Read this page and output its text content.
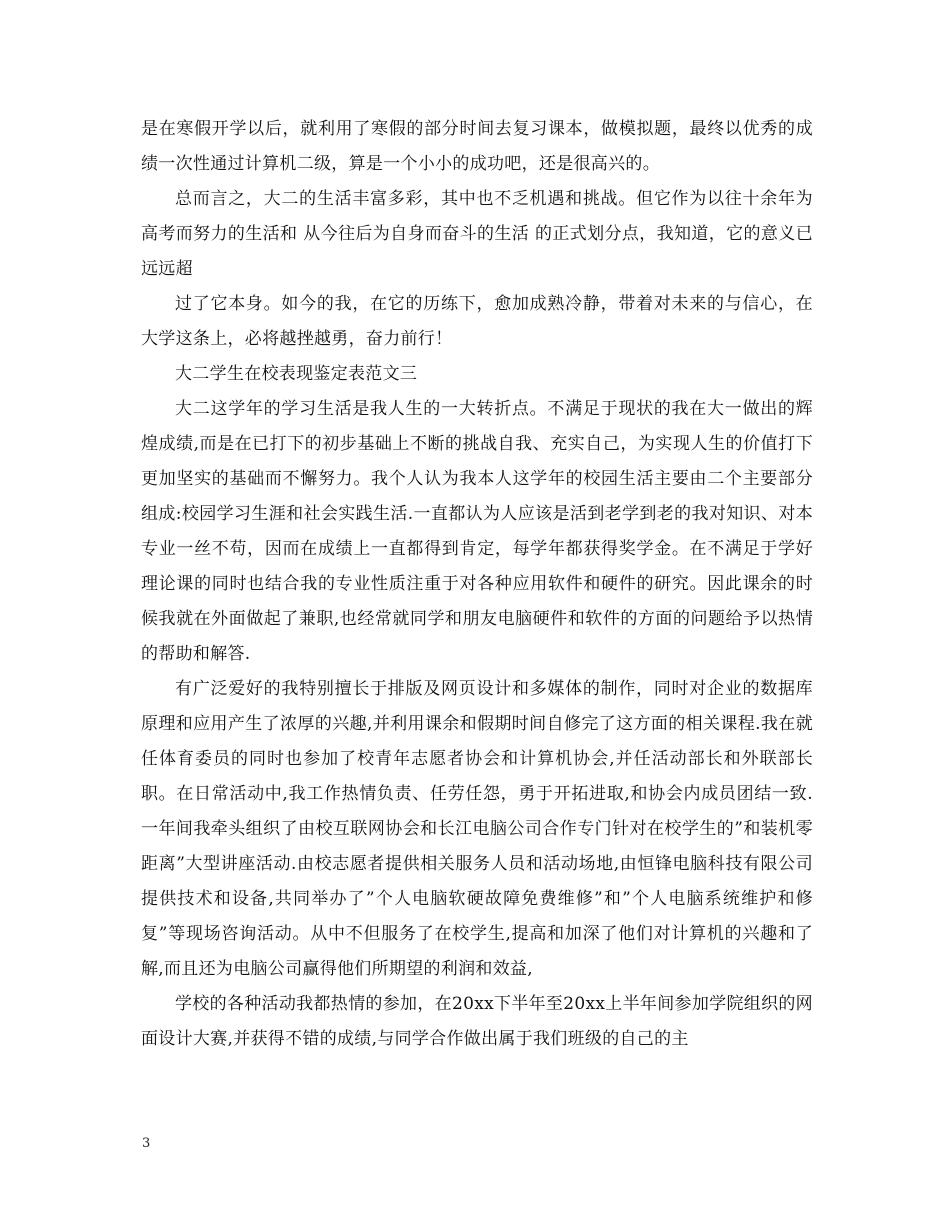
是在寒假开学以后，就利用了寒假的部分时间去复习课本，做模拟题，最终以优秀的成绩一次性通过计算机二级，算是一个小小的成功吧，还是很高兴的。

总而言之，大二的生活丰富多彩，其中也不乏机遇和挑战。但它作为以往十余年为高考而努力的生活和 从今往后为自身而奋斗的生活 的正式划分点，我知道，它的意义已远远超

过了它本身。如今的我，在它的历练下，愈加成熟冷静，带着对未来的与信心，在大学这条上，必将越挫越勇，奋力前行！

大二学生在校表现鉴定表范文三

大二这学年的学习生活是我人生的一大转折点。不满足于现状的我在大一做出的辉煌成绩,而是在已打下的初步基础上不断的挑战自我、充实自己，为实现人生的价值打下更加坚实的基础而不懈努力。我个人认为我本人这学年的校园生活主要由二个主要部分组成:校园学习生涯和社会实践生活.一直都认为人应该是活到老学到老的我对知识、对本专业一丝不苟，因而在成绩上一直都得到肯定，每学年都获得奖学金。在不满足于学好理论课的同时也结合我的专业性质注重于对各种应用软件和硬件的研究。因此课余的时候我就在外面做起了兼职,也经常就同学和朋友电脑硬件和软件的方面的问题给予以热情的帮助和解答.

有广泛爱好的我特别擅长于排版及网页设计和多媒体的制作，同时对企业的数据库原理和应用产生了浓厚的兴趣,并利用课余和假期时间自修完了这方面的相关课程.我在就任体育委员的同时也参加了校青年志愿者协会和计算机协会,并任活动部长和外联部长职。在日常活动中,我工作热情负责、任劳任怨，勇于开拓进取,和协会内成员团结一致.一年间我牵头组织了由校互联网协会和长江电脑公司合作专门针对在校学生的”和装机零距离”大型讲座活动.由校志愿者提供相关服务人员和活动场地,由恒锋电脑科技有限公司提供技术和设备,共同举办了”个人电脑软硬故障免费维修”和”个人电脑系统维护和修复”等现场咨询活动。从中不但服务了在校学生,提高和加深了他们对计算机的兴趣和了解,而且还为电脑公司赢得他们所期望的利润和效益,

学校的各种活动我都热情的参加，在20xx下半年至20xx上半年间参加学院组织的网面设计大赛,并获得不错的成绩,与同学合作做出属于我们班级的自己的主

3
